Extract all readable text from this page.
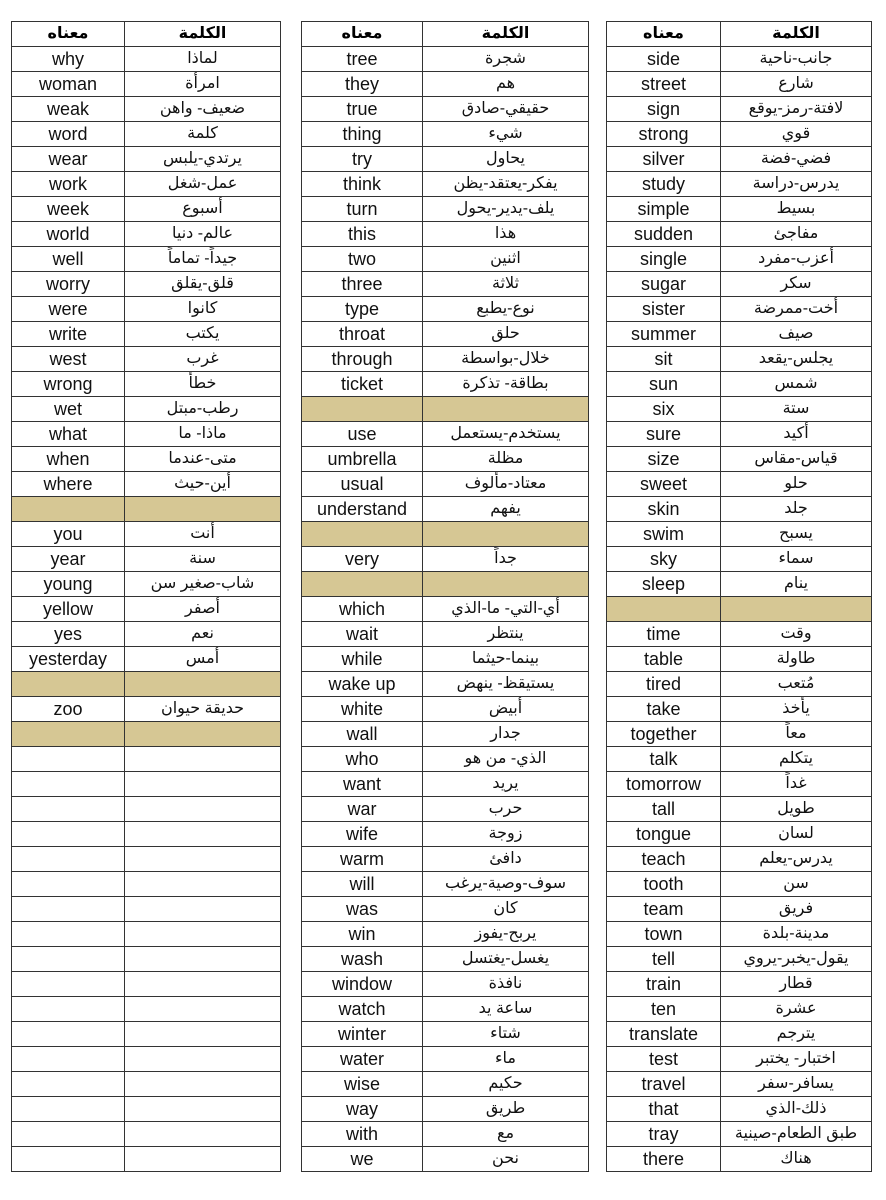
معناه	الكلمة
why	لماذا
woman	امرأة
weak	ضعيف- واهن
word	كلمة
wear	يرتدي-يلبس
work	عمل-شغل
week	أسبوع
world	عالم- دنيا
well	جيداً- تماماً
worry	قلق-يقلق
were	كانوا
write	يكتب
west	غرب
wrong	خطأ
wet	رطب-مبتل
what	ماذا- ما
when	متى-عندما
where	أين-حيث

you	أنت
year	سنة
young	شاب-صغير سن
yellow	أصفر
yes	نعم
yesterday	أمس

zoo	حديقة حيوان

معناه	الكلمة
tree	شجرة
they	هم
true	حقيقي-صادق
thing	شيء
try	يحاول
think	يفكر-يعتقد-يظن
turn	يلف-يدير-يحول
this	هذا
two	اثنين
three	ثلاثة
type	نوع-يطبع
throat	حلق
through	خلال-بواسطة
ticket	بطاقة- تذكرة

use	يستخدم-يستعمل
umbrella	مظلة
usual	معتاد-مألوف
understand	يفهم

very	جداً

which	أي-التي- ما-الذي
wait	ينتظر
while	بينما-حيثما
wake up	يستيقظ- ينهض
white	أبيض
wall	جدار
who	الذي- من هو
want	يريد
war	حرب
wife	زوجة
warm	دافئ
will	سوف-وصية-يرغب
was	كان
win	يربح-يفوز
wash	يغسل-يغتسل
window	نافذة
watch	ساعة يد
winter	شتاء
water	ماء
wise	حكيم
way	طريق
with	مع
we	نحن
معناه	الكلمة
side	جانب-ناحية
street	شارع
sign	لافتة-رمز-يوقع
strong	قوي
silver	فضي-فضة
study	يدرس-دراسة
simple	بسيط
sudden	مفاجئ
single	أعزب-مفرد
sugar	سكر
sister	أخت-ممرضة
summer	صيف
sit	يجلس-يقعد
sun	شمس
six	ستة
sure	أكيد
size	قياس-مقاس
sweet	حلو
skin	جلد
swim	يسبح
sky	سماء
sleep	ينام

time	وقت
table	طاولة
tired	مُتعب
take	يأخذ
together	معاً
talk	يتكلم
tomorrow	غداً
tall	طويل
tongue	لسان
teach	يدرس-يعلم
tooth	سن
team	فريق
town	مدينة-بلدة
tell	يقول-يخبر-يروي
train	قطار
ten	عشرة
translate	يترجم
test	اختبار- يختبر
travel	يسافر-سفر
that	ذلك-الذي
tray	طبق الطعام-صينية
there	هناك
